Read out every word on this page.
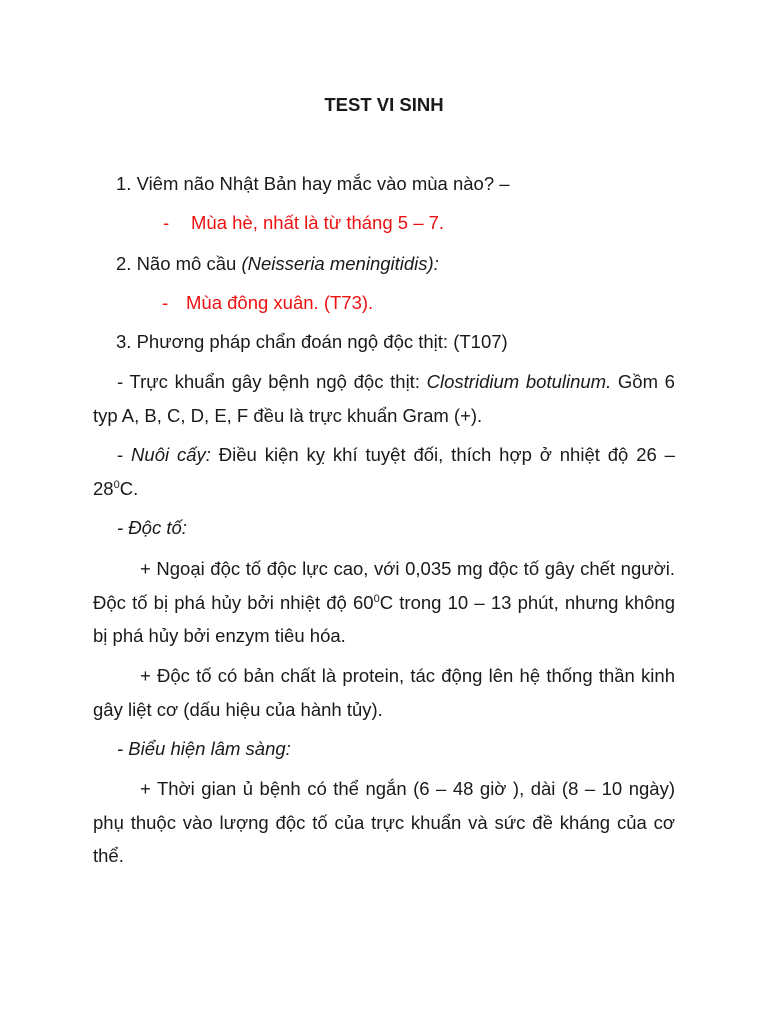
TEST VI SINH
1. Viêm não Nhật Bản hay mắc vào mùa nào? –
- Mùa hè, nhất là từ tháng 5 – 7.
2. Não mô cầu (Neisseria meningitidis):
- Mùa đông xuân. (T73).
3. Phương pháp chẩn đoán ngộ độc thịt: (T107)
- Trực khuẩn gây bệnh ngộ độc thịt: Clostridium botulinum. Gồm 6 typ A, B, C, D, E, F đều là trực khuẩn Gram (+).
- Nuôi cấy: Điều kiện kỵ khí tuyệt đối, thích hợp ở nhiệt độ $26 - 28^0C$.
- Độc tố:
+ Ngoại độc tố độc lực cao, với 0,035 mg độc tố gây chết người. Độc tố bị phá hủy bởi nhiệt độ $60^0C$ trong 10 – 13 phút, nhưng không bị phá hủy bởi enzym tiêu hóa.
+ Độc tố có bản chất là protein, tác động lên hệ thống thần kinh gây liệt cơ (dấu hiệu của hành tủy).
- Biểu hiện lâm sàng:
+ Thời gian ủ bệnh có thể ngắn (6 – 48 giờ ), dài (8 – 10 ngày) phụ thuộc vào lượng độc tố của trực khuẩn và sức đề kháng của cơ thể.
